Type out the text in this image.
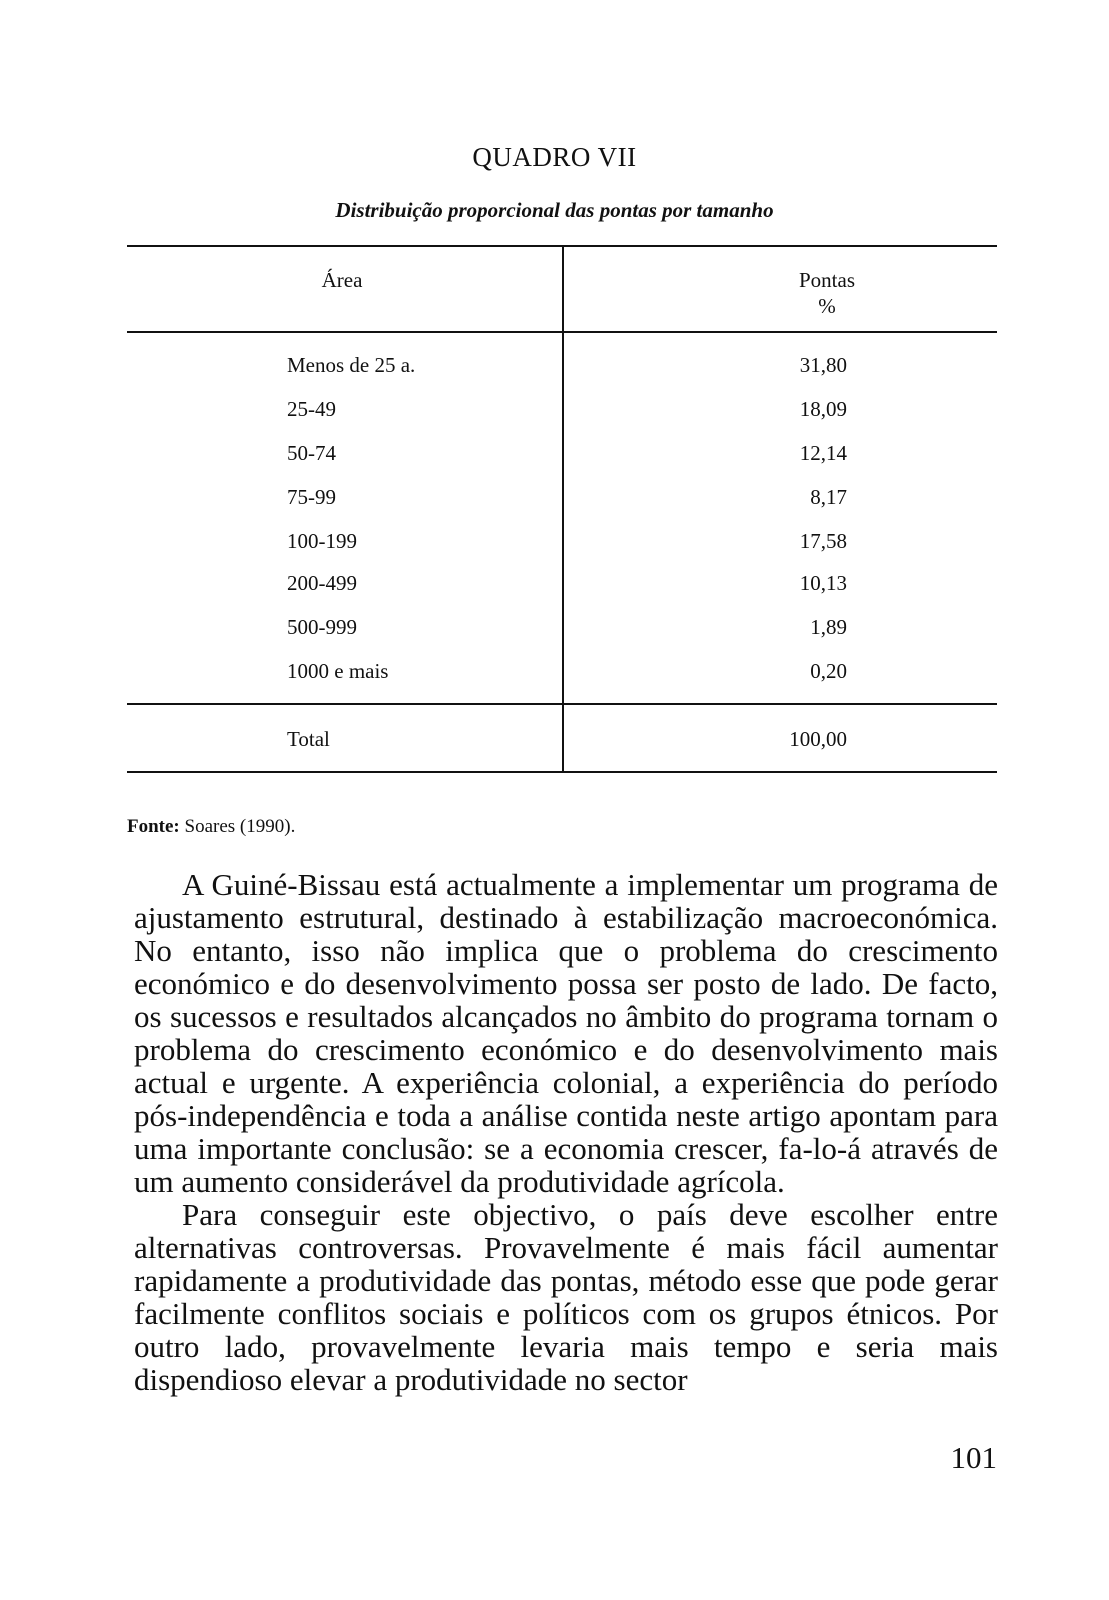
QUADRO VII
Distribuição proporcional das pontas por tamanho
Área	Pontas
%
Menos de 25 a.	31,80
25-49	18,09
50-74	12,14
75-99	8,17
100-199	17,58
200-499	10,13
500-999	1,89
1000 e mais	0,20
Total	100,00
Fonte: Soares (1990).

A Guiné-Bissau está actualmente a implementar um programa de ajustamento estrutural, destinado à estabilização macroeconómica. No entanto, isso não implica que o problema do crescimento económico e do desenvolvimento possa ser posto de lado. De facto, os sucessos e resultados alcançados no âmbito do programa tornam o problema do crescimento económico e do desenvolvimento mais actual e urgente. A experiência colonial, a experiência do período pós-independência e toda a análise contida neste artigo apontam para uma importante conclusão: se a economia crescer, fa-lo-á através de um aumento considerável da produtividade agrícola.

Para conseguir este objectivo, o país deve escolher entre alternativas controversas. Provavelmente é mais fácil aumentar rapidamente a produtividade das pontas, método esse que pode gerar facilmente conflitos sociais e políticos com os grupos étnicos. Por outro lado, provavelmente levaria mais tempo e seria mais dispendioso elevar a produtividade no sector

101
